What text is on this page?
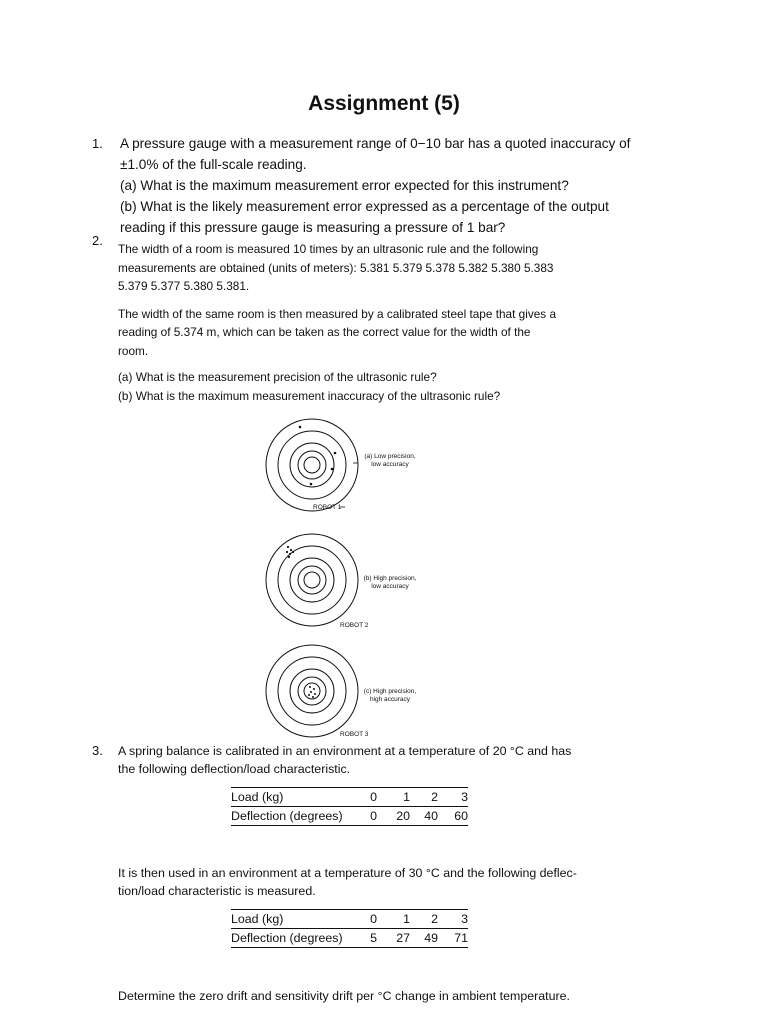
Assignment (5)
1. A pressure gauge with a measurement range of 0−10 bar has a quoted inaccuracy of
±1.0% of the full-scale reading.
(a) What is the maximum measurement error expected for this instrument?
(b) What is the likely measurement error expressed as a percentage of the output
reading if this pressure gauge is measuring a pressure of 1 bar?
2.
The width of a room is measured 10 times by an ultrasonic rule and the following
measurements are obtained (units of meters): 5.381 5.379 5.378 5.382 5.380 5.383
5.379 5.377 5.380 5.381.
The width of the same room is then measured by a calibrated steel tape that gives a
reading of 5.374 m, which can be taken as the correct value for the width of the
room.
(a) What is the measurement precision of the ultrasonic rule?
(b) What is the maximum measurement inaccuracy of the ultrasonic rule?
(a) Low precision,
low accuracy
ROBOT 1
(b) High precision,
low accuracy
ROBOT 2
(c) High precision,
high accuracy
ROBOT 3
3. A spring balance is calibrated in an environment at a temperature of 20 °C and has
the following deflection/load characteristic.
Load (kg)	0	1	2	3
Deflection (degrees)	0	20	40	60
It is then used in an environment at a temperature of 30 °C and the following deflec-
tion/load characteristic is measured.
Load (kg)	0	1	2	3
Deflection (degrees)	5	27	49	71
Determine the zero drift and sensitivity drift per °C change in ambient temperature.
